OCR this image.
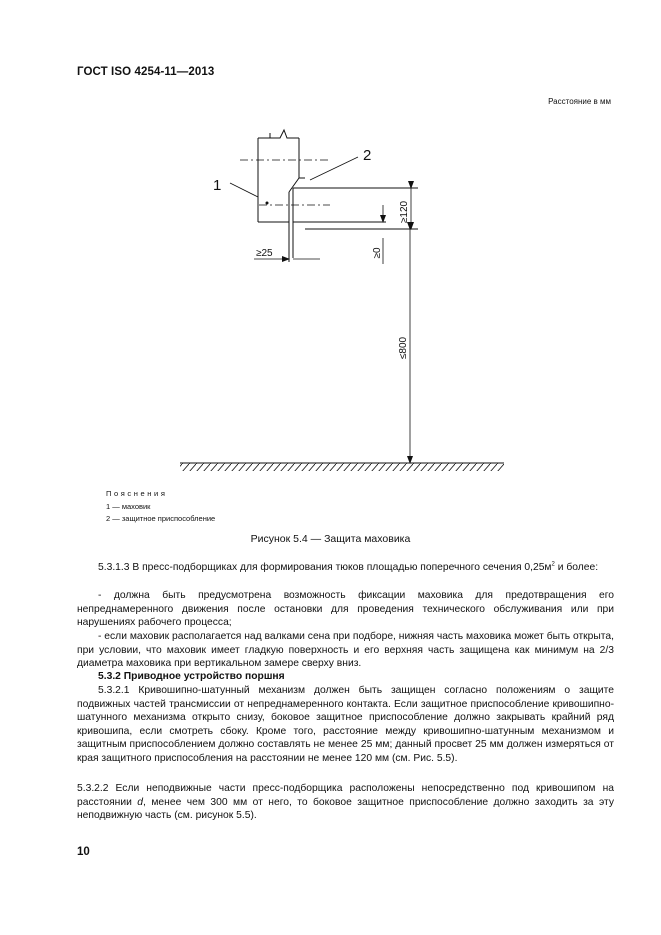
ГОСТ ISO 4254-11—2013
Расстояние в мм
1
2
≥25
≥120
≥0
≤800
Пояснения
1 — маховик
2 — защитное приспособление
Рисунок 5.4 — Защита маховика

5.3.1.3 В пресс-подборщиках для формирования тюков площадью поперечного сечения $0,25м^2$ и более:

- должна быть предусмотрена возможность фиксации маховика для предотвращения его непреднамеренного движения после остановки для проведения технического обслуживания или при нарушениях рабочего процесса;

- если маховик располагается над валками сена при подборе, нижняя часть маховика может быть открыта, при условии, что маховик имеет гладкую поверхность и его верхняя часть защищена как минимум на 2/3 диаметра маховика при вертикальном замере сверху вниз.

5.3.2 Приводное устройство поршня

5.3.2.1 Кривошипно-шатунный механизм должен быть защищен согласно положениям о защите подвижных частей трансмиссии от непреднамеренного контакта. Если защитное приспособление кривошипно-шатунного механизма открыто снизу, боковое защитное приспособление должно закрывать крайний ряд кривошипа, если смотреть сбоку. Кроме того, расстояние между кривошипно-шатунным механизмом и защитным приспособлением должно составлять не менее 25 мм; данный просвет 25 мм должен измеряться от края защитного приспособления на расстоянии не менее 120 мм (см. Рис. 5.5).

5.3.2.2 Если неподвижные части пресс-подборщика расположены непосредственно под кривошипом на расстоянии d, менее чем 300 мм от него, то боковое защитное приспособление должно заходить за эту неподвижную часть (см. рисунок 5.5).

10
